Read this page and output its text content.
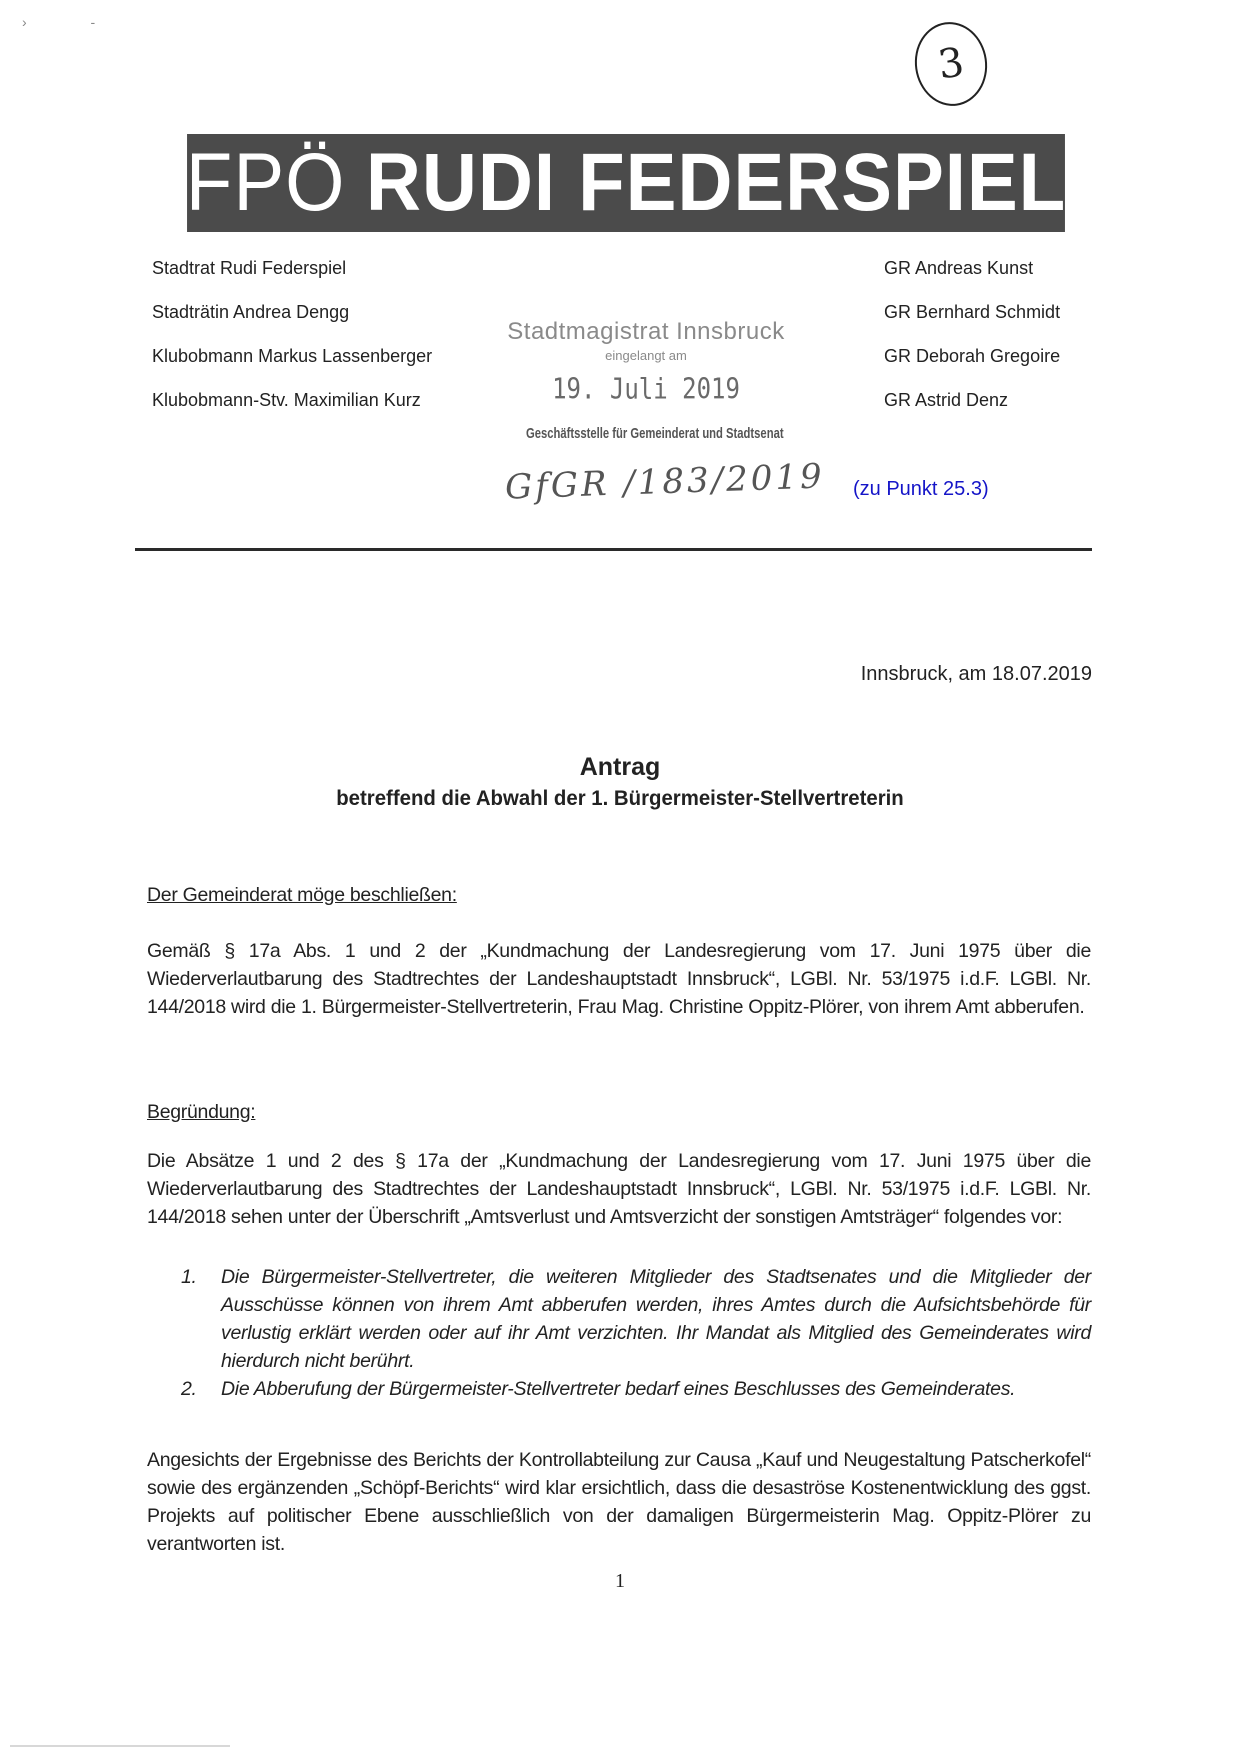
› ‑
3
FPÖ RUDI FEDERSPIEL
Stadtrat Rudi Federspiel
Stadträtin Andrea Dengg
Klubobmann Markus Lassenberger
Klubobmann-Stv. Maximilian Kurz
GR Andreas Kunst
GR Bernhard Schmidt
GR Deborah Gregoire
GR Astrid Denz
Stadtmagistrat Innsbruck
eingelangt am
19. Juli 2019
Geschäftsstelle für Gemeinderat und Stadtsenat
GfGR /183/2019 (zu Punkt 25.3)
Innsbruck, am 18.07.2019
Antrag
betreffend die Abwahl der 1. Bürgermeister-Stellvertreterin
Der Gemeinderat möge beschließen:
Gemäß § 17a Abs. 1 und 2 der „Kundmachung der Landesregierung vom 17. Juni 1975 über die Wiederverlautbarung des Stadtrechtes der Landeshauptstadt Innsbruck“, LGBl. Nr. 53/1975 i.d.F. LGBl. Nr. 144/2018 wird die 1. Bürgermeister-Stellvertreterin, Frau Mag. Christine Oppitz-Plörer, von ihrem Amt abberufen.
Begründung:
Die Absätze 1 und 2 des § 17a der „Kundmachung der Landesregierung vom 17. Juni 1975 über die Wiederverlautbarung des Stadtrechtes der Landeshauptstadt Innsbruck“, LGBl. Nr. 53/1975 i.d.F. LGBl. Nr. 144/2018 sehen unter der Überschrift „Amtsverlust und Amtsverzicht der sonstigen Amtsträger“ folgendes vor:
1. Die Bürgermeister-Stellvertreter, die weiteren Mitglieder des Stadtsenates und die Mitglieder der Ausschüsse können von ihrem Amt abberufen werden, ihres Amtes durch die Aufsichtsbehörde für verlustig erklärt werden oder auf ihr Amt verzichten. Ihr Mandat als Mitglied des Gemeinderates wird hierdurch nicht berührt.
2. Die Abberufung der Bürgermeister-Stellvertreter bedarf eines Beschlusses des Gemeinderates.
Angesichts der Ergebnisse des Berichts der Kontrollabteilung zur Causa „Kauf und Neugestaltung Patscherkofel“ sowie des ergänzenden „Schöpf-Berichts“ wird klar ersichtlich, dass die desaströse Kostenentwicklung des ggst. Projekts auf politischer Ebene ausschließlich von der damaligen Bürgermeisterin Mag. Oppitz-Plörer zu verantworten ist.
1
